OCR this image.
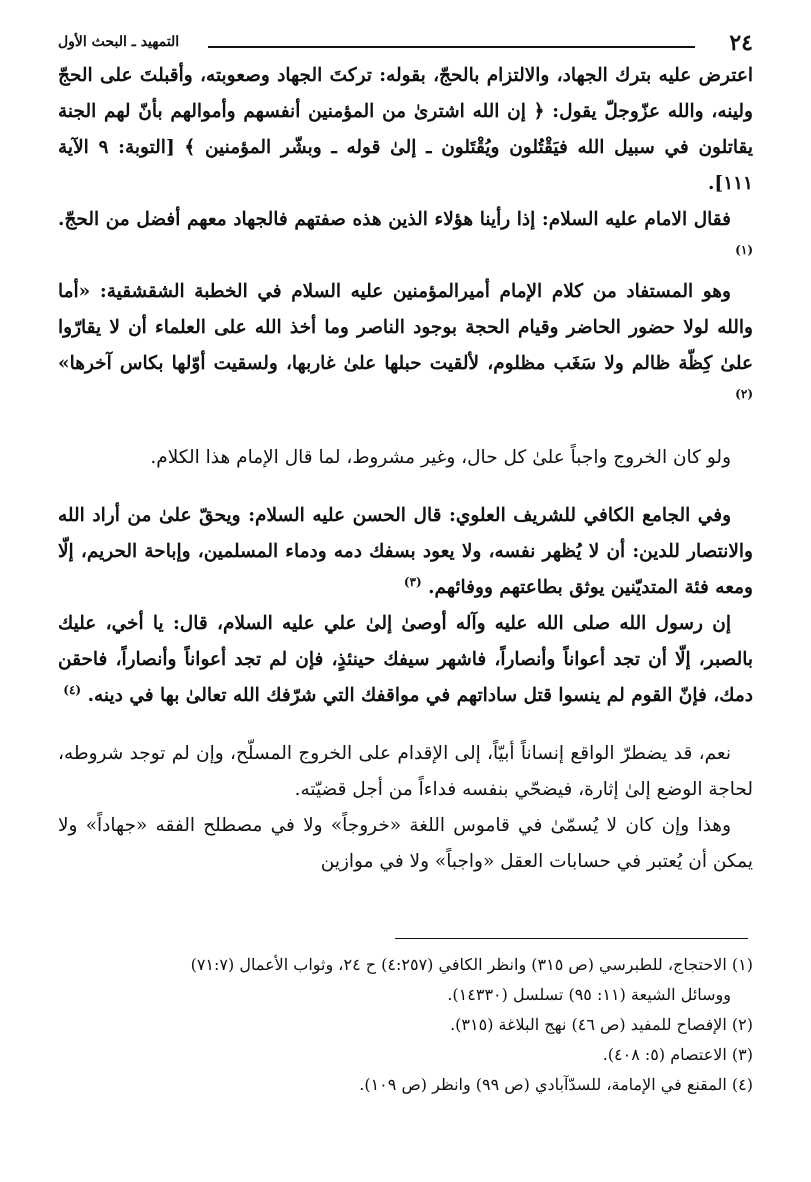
٢٤
التمهيد ـ البحث الأول

اعترض عليه بترك الجهاد، والالتزام بالحجّ، بقوله: تركتَ الجهاد وصعوبته، وأقبلتَ على الحجّ ولينه، والله عزّوجلّ يقول: ﴿ إن الله اشترىٰ من المؤمنين أنفسهم وأموالهم بأنّ لهم الجنة يقاتلون في سبيل الله فيَقْتُلون ويُقْتَلون ـ إلىٰ قوله ـ وبشّر المؤمنين ﴾ [التوبة: ٩ الآية ١١١].

فقال الامام عليه السلام: إذا رأينا هؤلاء الذين هذه صفتهم فالجهاد معهم أفضل من الحجّ. $^{(١)}$

وهو المستفاد من كلام الإمام أميرالمؤمنين عليه السلام في الخطبة الشقشقية: «أما والله لولا حضور الحاضر وقيام الحجة بوجود الناصر وما أخذ الله على العلماء أن لا يقارّوا علىٰ كِظّة ظالم ولا سَغَب مظلوم، لألقيت حبلها علىٰ غاربها، ولسقيت أوّلها بكاس آخرها» $^{(٢)}$

ولو كان الخروج واجباً علىٰ كل حال، وغير مشروط، لما قال الإمام هذا الكلام.

وفي الجامع الكافي للشريف العلوي: قال الحسن عليه السلام: ويحقّ علىٰ من أراد الله والانتصار للدين: أن لا يُظهر نفسه، ولا يعود بسفك دمه ودماء المسلمين، وإباحة الحريم، إلّا ومعه فئة المتديّنين يوثق بطاعتهم ووفائهم. $^{(٣)}$

إن رسول الله صلى الله عليه وآله أوصىٰ إلىٰ علي عليه السلام، قال: يا أخي، عليك بالصبر، إلّا أن تجد أعواناً وأنصاراً، فاشهر سيفك حينئذٍ، فإن لم تجد أعواناً وأنصاراً، فاحقن دمك، فإنّ القوم لم ينسوا قتل ساداتهم في مواقفك التي شرّفك الله تعالىٰ بها في دينه. $^{(٤)}$

نعم، قد يضطرّ الواقع إنساناً أبيّاً، إلى الإقدام على الخروج المسلّح، وإن لم توجد شروطه، لحاجة الوضع إلىٰ إثارة، فيضحّي بنفسه فداءاً من أجل قضيّته.

وهذا وإن كان لا يُسمّىٰ في قاموس اللغة «خروجاً» ولا في مصطلح الفقه «جهاداً» ولا يمكن أن يُعتبر في حسابات العقل «واجباً» ولا في موازين

(١) الاحتجاج، للطبرسي (ص ٣١٥) وانظر الكافي (٤:٢٥٧) ح ٢٤، وثواب الأعمال (٧١:٧)
ووسائل الشيعة (١١: ٩٥) تسلسل (١٤٣٣٠).
(٢) الإفصاح للمفيد (ص ٤٦) نهج البلاغة (٣١٥).
(٣) الاعتصام (٥: ٤٠٨).
(٤) المقنع في الإمامة، للسدّآبادي (ص ٩٩) وانظر (ص ١٠٩).
